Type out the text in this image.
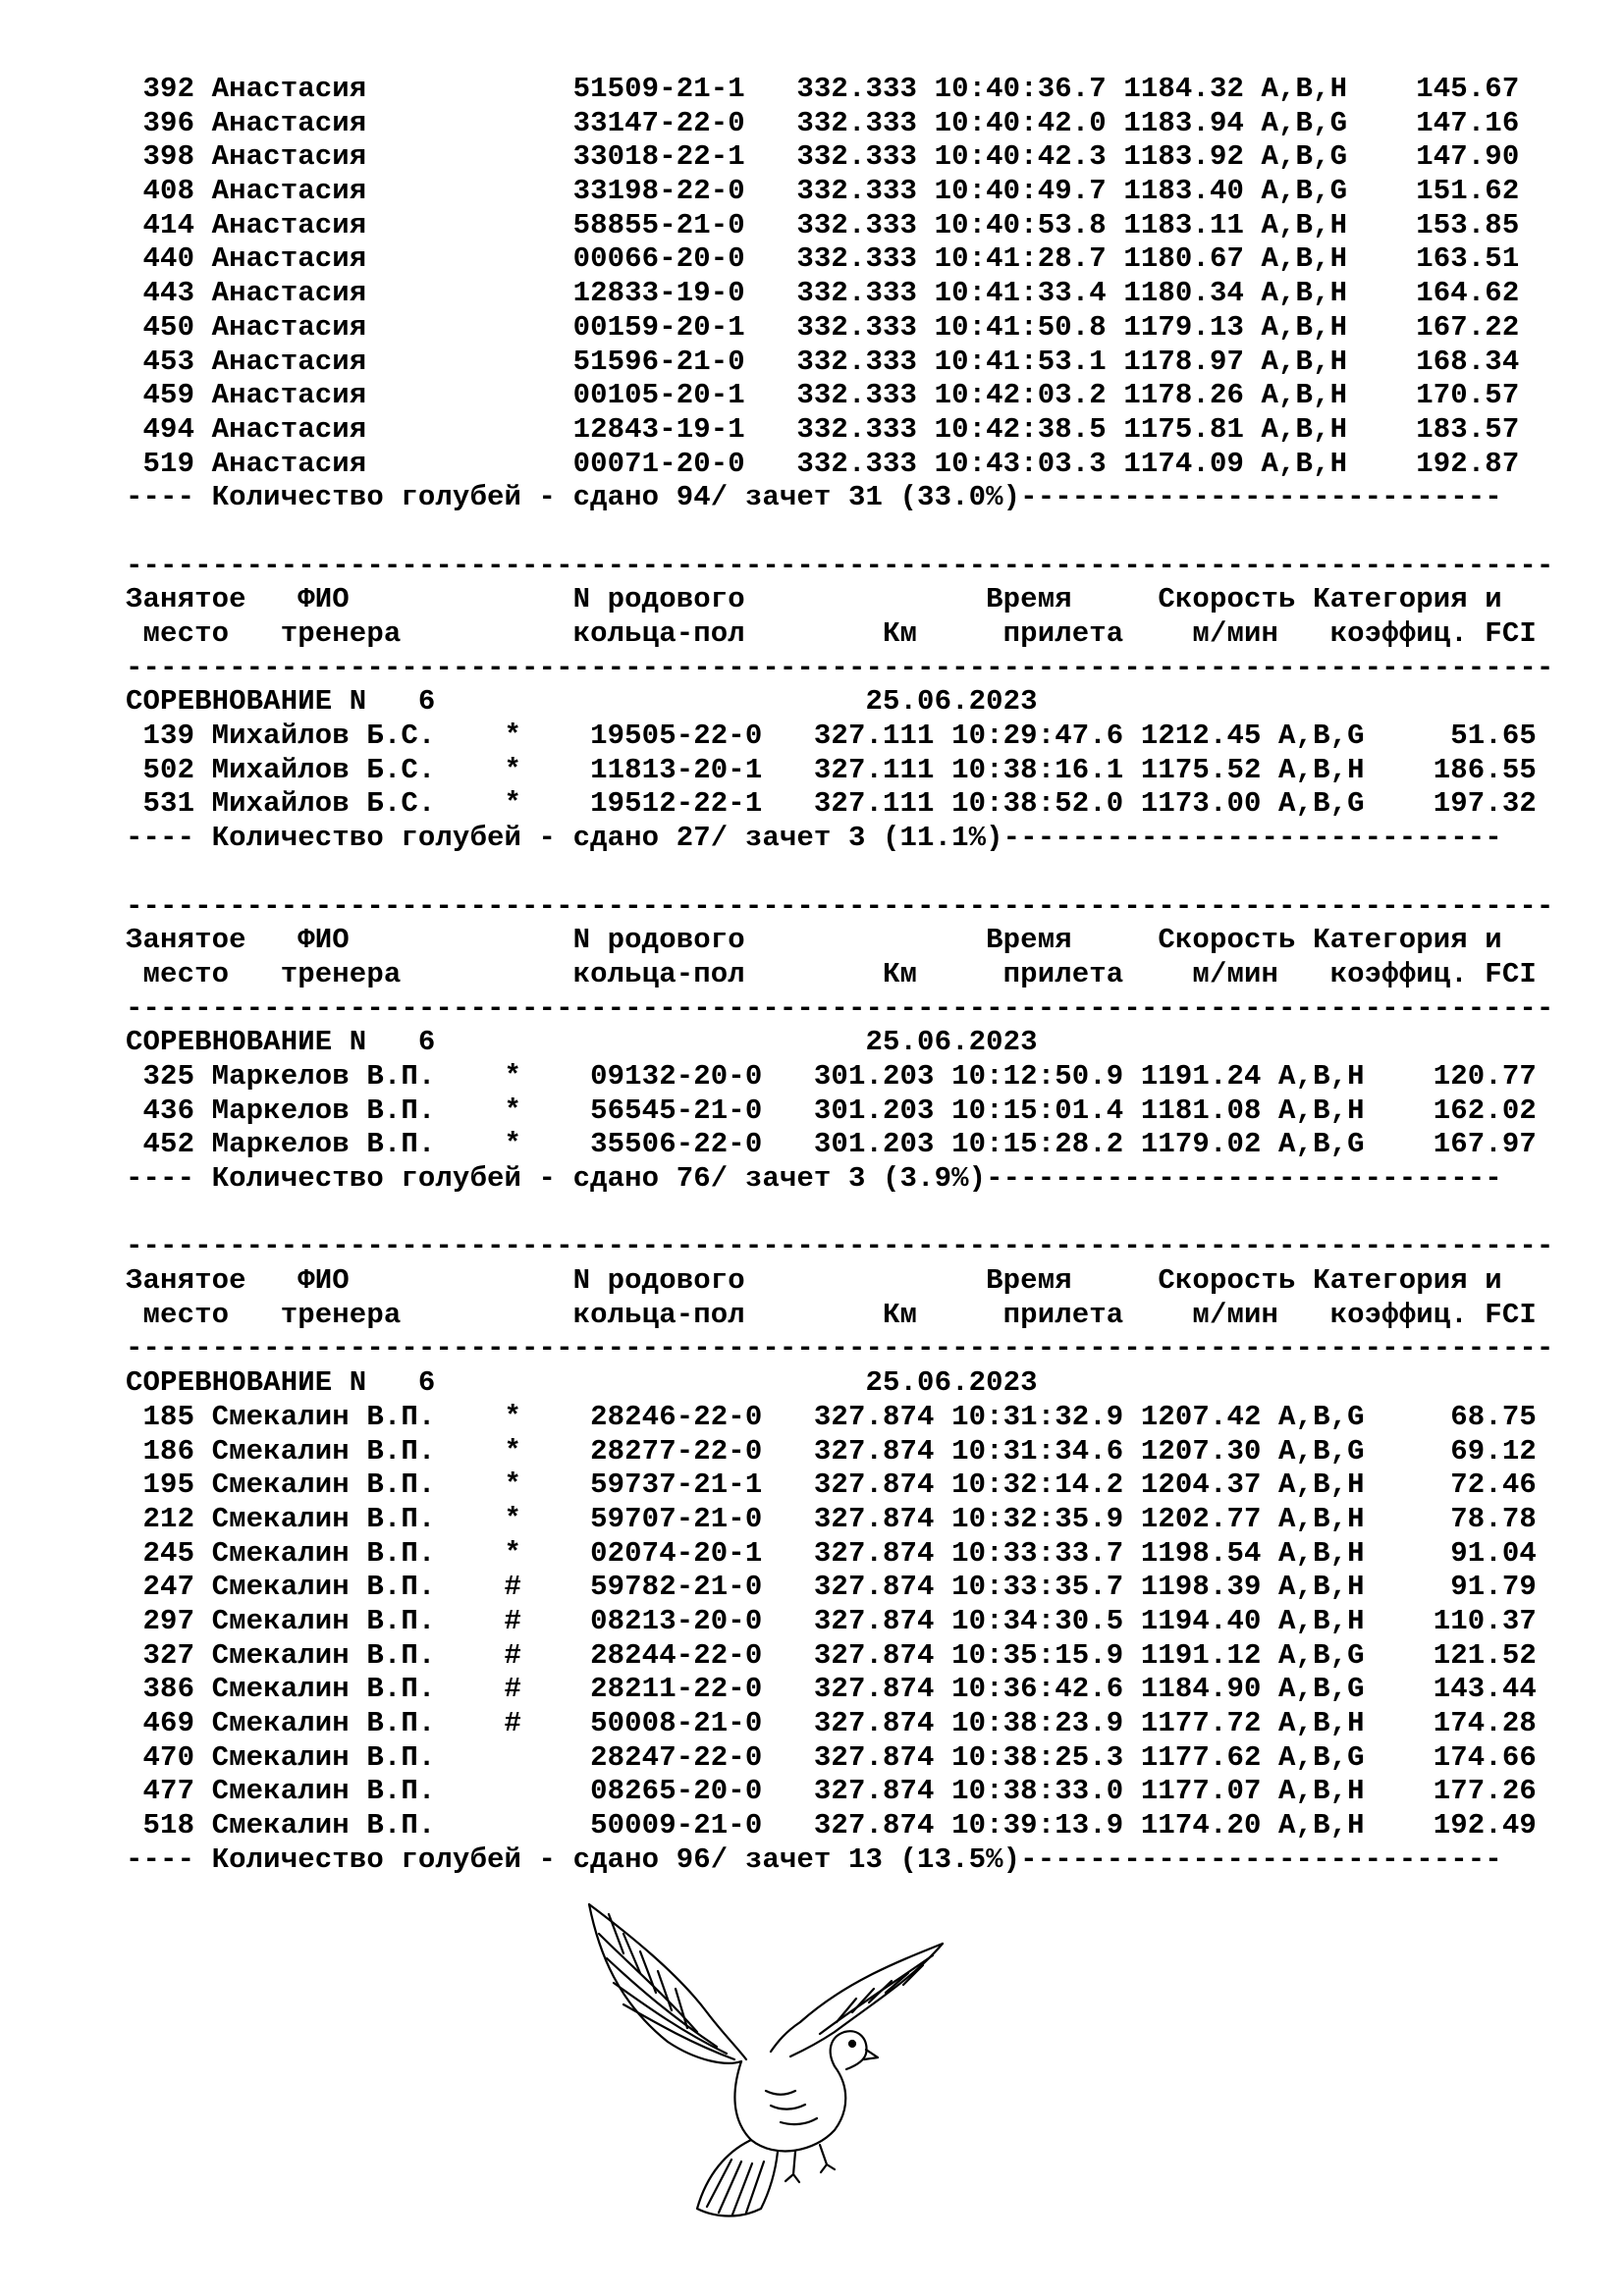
392 Анастасия            51509-21-1   332.333 10:40:36.7 1184.32 A,B,H    145.67
396 Анастасия            33147-22-0   332.333 10:40:42.0 1183.94 A,B,G    147.16
398 Анастасия            33018-22-1   332.333 10:40:42.3 1183.92 A,B,G    147.90
408 Анастасия            33198-22-0   332.333 10:40:49.7 1183.40 A,B,G    151.62
414 Анастасия            58855-21-0   332.333 10:40:53.8 1183.11 A,B,H    153.85
440 Анастасия            00066-20-0   332.333 10:41:28.7 1180.67 A,B,H    163.51
443 Анастасия            12833-19-0   332.333 10:41:33.4 1180.34 A,B,H    164.62
450 Анастасия            00159-20-1   332.333 10:41:50.8 1179.13 A,B,H    167.22
453 Анастасия            51596-21-0   332.333 10:41:53.1 1178.97 A,B,H    168.34
459 Анастасия            00105-20-1   332.333 10:42:03.2 1178.26 A,B,H    170.57
494 Анастасия            12843-19-1   332.333 10:42:38.5 1175.81 A,B,H    183.57
519 Анастасия            00071-20-0   332.333 10:43:03.3 1174.09 A,B,H    192.87
---- Количество голубей - сдано 94/ зачет 31 (33.0%)----------------------------

-----------------------------------------------------------------------------------
Занятое   ФИО             N родового              Время     Скорость Категория и
место   тренера          кольца-пол        Км     прилета    м/мин   коэффиц. FCI
-----------------------------------------------------------------------------------
СОРЕВНОВАНИЕ N   6                         25.06.2023
139 Михайлов Б.С.    *    19505-22-0   327.111 10:29:47.6 1212.45 A,B,G     51.65
502 Михайлов Б.С.    *    11813-20-1   327.111 10:38:16.1 1175.52 A,B,H    186.55
531 Михайлов Б.С.    *    19512-22-1   327.111 10:38:52.0 1173.00 A,B,G    197.32
---- Количество голубей - сдано 27/ зачет 3 (11.1%)-----------------------------

-----------------------------------------------------------------------------------
Занятое   ФИО             N родового              Время     Скорость Категория и
место   тренера          кольца-пол        Км     прилета    м/мин   коэффиц. FCI
-----------------------------------------------------------------------------------
СОРЕВНОВАНИЕ N   6                         25.06.2023
325 Маркелов В.П.    *    09132-20-0   301.203 10:12:50.9 1191.24 A,B,H    120.77
436 Маркелов В.П.    *    56545-21-0   301.203 10:15:01.4 1181.08 A,B,H    162.02
452 Маркелов В.П.    *    35506-22-0   301.203 10:15:28.2 1179.02 A,B,G    167.97
---- Количество голубей - сдано 76/ зачет 3 (3.9%)------------------------------

-----------------------------------------------------------------------------------
Занятое   ФИО             N родового              Время     Скорость Категория и
место   тренера          кольца-пол        Км     прилета    м/мин   коэффиц. FCI
-----------------------------------------------------------------------------------
СОРЕВНОВАНИЕ N   6                         25.06.2023
185 Смекалин В.П.    *    28246-22-0   327.874 10:31:32.9 1207.42 A,B,G     68.75
186 Смекалин В.П.    *    28277-22-0   327.874 10:31:34.6 1207.30 A,B,G     69.12
195 Смекалин В.П.    *    59737-21-1   327.874 10:32:14.2 1204.37 A,B,H     72.46
212 Смекалин В.П.    *    59707-21-0   327.874 10:32:35.9 1202.77 A,B,H     78.78
245 Смекалин В.П.    *    02074-20-1   327.874 10:33:33.7 1198.54 A,B,H     91.04
247 Смекалин В.П.    #    59782-21-0   327.874 10:33:35.7 1198.39 A,B,H     91.79
297 Смекалин В.П.    #    08213-20-0   327.874 10:34:30.5 1194.40 A,B,H    110.37
327 Смекалин В.П.    #    28244-22-0   327.874 10:35:15.9 1191.12 A,B,G    121.52
386 Смекалин В.П.    #    28211-22-0   327.874 10:36:42.6 1184.90 A,B,G    143.44
469 Смекалин В.П.    #    50008-21-0   327.874 10:38:23.9 1177.72 A,B,H    174.28
470 Смекалин В.П.         28247-22-0   327.874 10:38:25.3 1177.62 A,B,G    174.66
477 Смекалин В.П.         08265-20-0   327.874 10:38:33.0 1177.07 A,B,H    177.26
518 Смекалин В.П.         50009-21-0   327.874 10:39:13.9 1174.20 A,B,H    192.49
---- Количество голубей - сдано 96/ зачет 13 (13.5%)----------------------------
